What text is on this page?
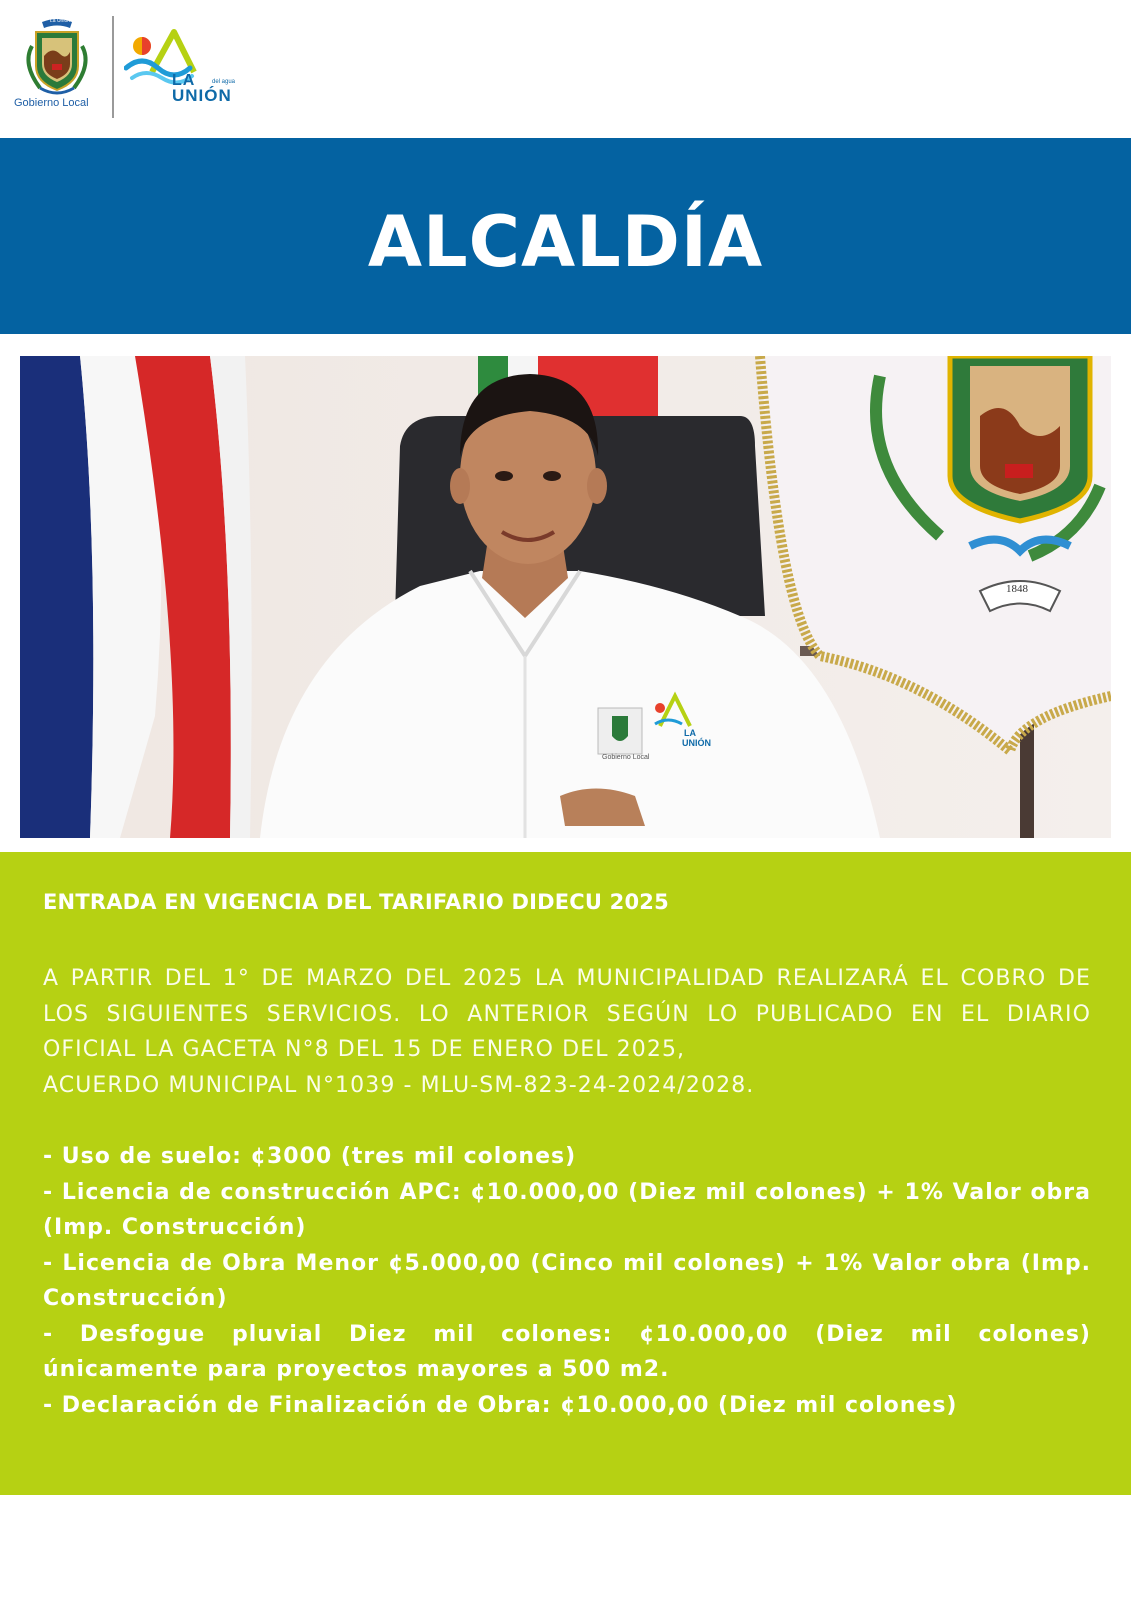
La Unión
Gobierno Local
LA	del agua
UNIÓN
ALCALDÍA
1848
Gobierno Local
LA
UNIÓN

ENTRADA EN VIGENCIA DEL TARIFARIO DIDECU 2025

A PARTIR DEL 1° DE MARZO DEL 2025 LA MUNICIPALIDAD REALIZARÁ EL COBRO DE LOS SIGUIENTES SERVICIOS. LO ANTERIOR SEGÚN LO PUBLICADO EN EL DIARIO OFICIAL LA GACETA N°8 DEL 15 DE ENERO DEL 2025,
ACUERDO MUNICIPAL N°1039 - MLU-SM-823-24-2024/2028.
- Uso de suelo: ¢3000 (tres mil colones)
- Licencia de construcción APC: ¢10.000,00 (Diez mil colones) + 1% Valor obra (Imp. Construcción)
- Licencia de Obra Menor ¢5.000,00 (Cinco mil colones) + 1% Valor obra (Imp. Construcción)
- Desfogue pluvial Diez mil colones: ¢10.000,00 (Diez mil colones) únicamente para proyectos mayores a 500 m2.
- Declaración de Finalización de Obra: ¢10.000,00 (Diez mil colones)
